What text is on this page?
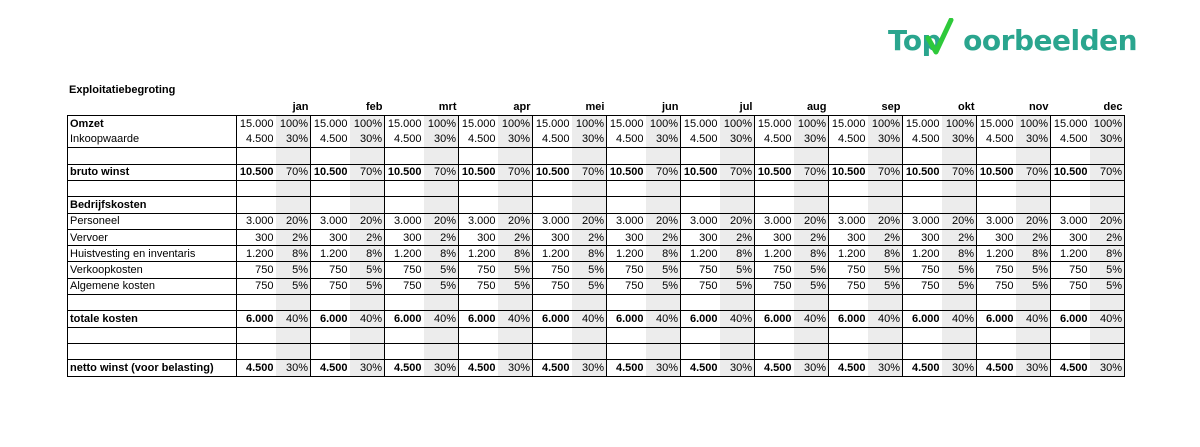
Top oorbeelden
Exploitatiebegroting
	jan		feb		mrt		apr		mei		jun		jul		aug		sep		okt		nov		dec	
Omzet	15.000	100%	15.000	100%	15.000	100%	15.000	100%	15.000	100%	15.000	100%	15.000	100%	15.000	100%	15.000	100%	15.000	100%	15.000	100%	15.000	100%
Inkoopwaarde	4.500	30%	4.500	30%	4.500	30%	4.500	30%	4.500	30%	4.500	30%	4.500	30%	4.500	30%	4.500	30%	4.500	30%	4.500	30%	4.500	30%

bruto winst	10.500	70%	10.500	70%	10.500	70%	10.500	70%	10.500	70%	10.500	70%	10.500	70%	10.500	70%	10.500	70%	10.500	70%	10.500	70%	10.500	70%

Bedrijfskosten																								
Personeel	3.000	20%	3.000	20%	3.000	20%	3.000	20%	3.000	20%	3.000	20%	3.000	20%	3.000	20%	3.000	20%	3.000	20%	3.000	20%	3.000	20%
Vervoer	300	2%	300	2%	300	2%	300	2%	300	2%	300	2%	300	2%	300	2%	300	2%	300	2%	300	2%	300	2%
Huistvesting en inventaris	1.200	8%	1.200	8%	1.200	8%	1.200	8%	1.200	8%	1.200	8%	1.200	8%	1.200	8%	1.200	8%	1.200	8%	1.200	8%	1.200	8%
Verkoopkosten	750	5%	750	5%	750	5%	750	5%	750	5%	750	5%	750	5%	750	5%	750	5%	750	5%	750	5%	750	5%
Algemene kosten	750	5%	750	5%	750	5%	750	5%	750	5%	750	5%	750	5%	750	5%	750	5%	750	5%	750	5%	750	5%

totale kosten	6.000	40%	6.000	40%	6.000	40%	6.000	40%	6.000	40%	6.000	40%	6.000	40%	6.000	40%	6.000	40%	6.000	40%	6.000	40%	6.000	40%

netto winst (voor belasting)	4.500	30%	4.500	30%	4.500	30%	4.500	30%	4.500	30%	4.500	30%	4.500	30%	4.500	30%	4.500	30%	4.500	30%	4.500	30%	4.500	30%
